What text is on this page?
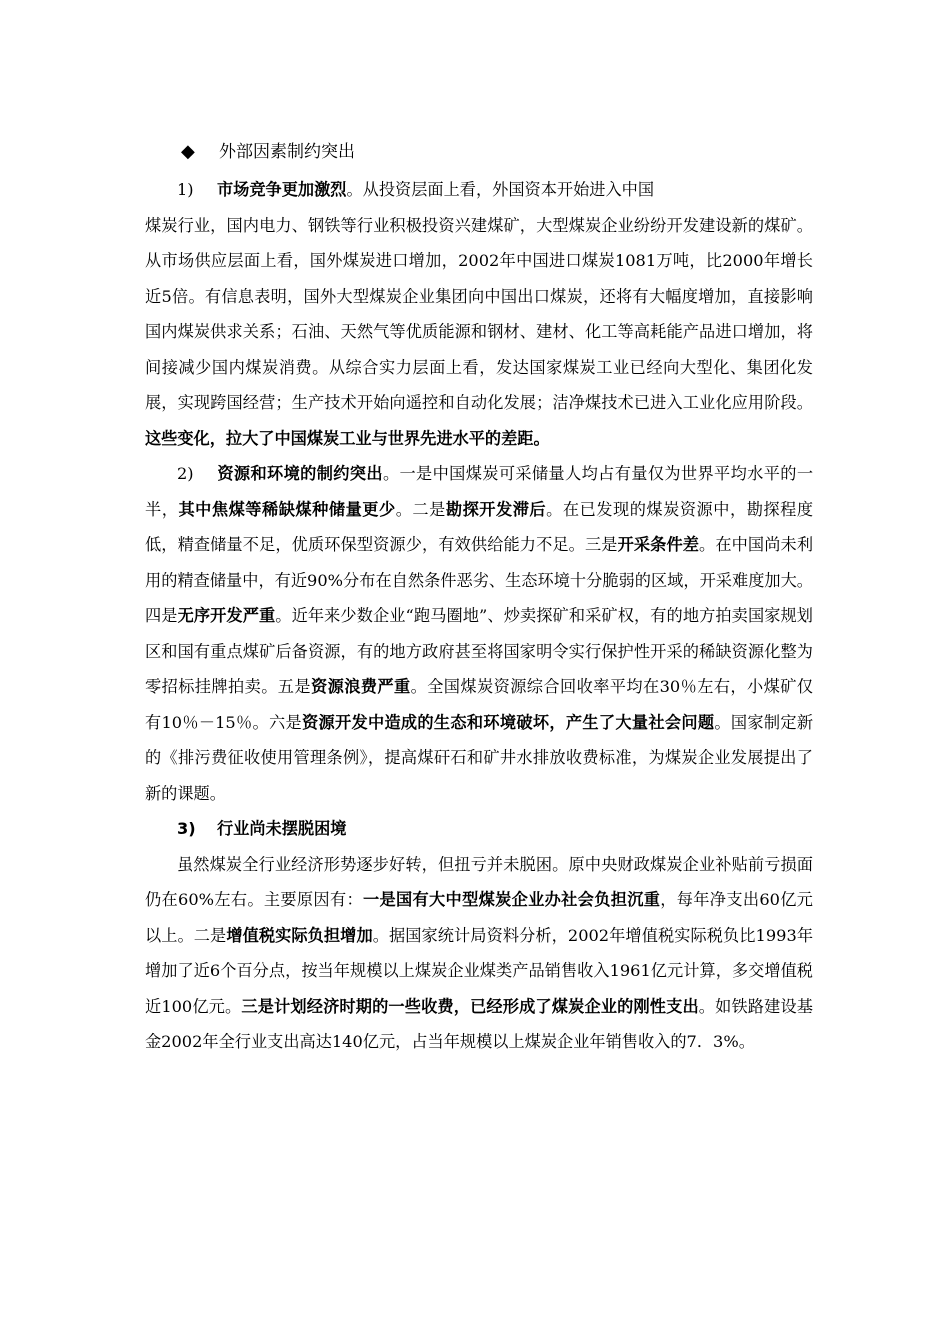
◆	外部因素制约突出

1) 市场竞争更加激烈。从投资层面上看，外国资本开始进入中国

煤炭行业，国内电力、钢铁等行业积极投资兴建煤矿，大型煤炭企业纷纷开发建设新的煤矿。从市场供应层面上看，国外煤炭进口增加，2002年中国进口煤炭1081万吨，比2000年增长近5倍。有信息表明，国外大型煤炭企业集团向中国出口煤炭，还将有大幅度增加，直接影响国内煤炭供求关系；石油、天然气等优质能源和钢材、建材、化工等高耗能产品进口增加，将间接减少国内煤炭消费。从综合实力层面上看，发达国家煤炭工业已经向大型化、集团化发展，实现跨国经营；生产技术开始向遥控和自动化发展；洁净煤技术已进入工业化应用阶段。这些变化，拉大了中国煤炭工业与世界先进水平的差距。

2) 资源和环境的制约突出。一是中国煤炭可采储量人均占有量仅为世界平均水平的一半，其中焦煤等稀缺煤种储量更少。二是勘探开发滞后。在已发现的煤炭资源中，勘探程度低，精查储量不足，优质环保型资源少，有效供给能力不足。三是开采条件差。在中国尚未利用的精查储量中，有近90%分布在自然条件恶劣、生态环境十分脆弱的区域，开采难度加大。四是无序开发严重。近年来少数企业“跑马圈地”、炒卖探矿和采矿权，有的地方拍卖国家规划区和国有重点煤矿后备资源，有的地方政府甚至将国家明令实行保护性开采的稀缺资源化整为零招标挂牌拍卖。五是资源浪费严重。全国煤炭资源综合回收率平均在30％左右，小煤矿仅有10％－15％。六是资源开发中造成的生态和环境破坏，产生了大量社会问题。国家制定新的《排污费征收使用管理条例》，提高煤矸石和矿井水排放收费标准，为煤炭企业发展提出了新的课题。

3) 行业尚未摆脱困境

虽然煤炭全行业经济形势逐步好转，但扭亏并未脱困。原中央财政煤炭企业补贴前亏损面仍在60%左右。主要原因有：一是国有大中型煤炭企业办社会负担沉重，每年净支出60亿元以上。二是增值税实际负担增加。据国家统计局资料分析，2002年增值税实际税负比1993年增加了近6个百分点，按当年规模以上煤炭企业煤类产品销售收入1961亿元计算，多交增值税近100亿元。三是计划经济时期的一些收费，已经形成了煤炭企业的刚性支出。如铁路建设基金2002年全行业支出高达140亿元，占当年规模以上煤炭企业年销售收入的7．3%。
